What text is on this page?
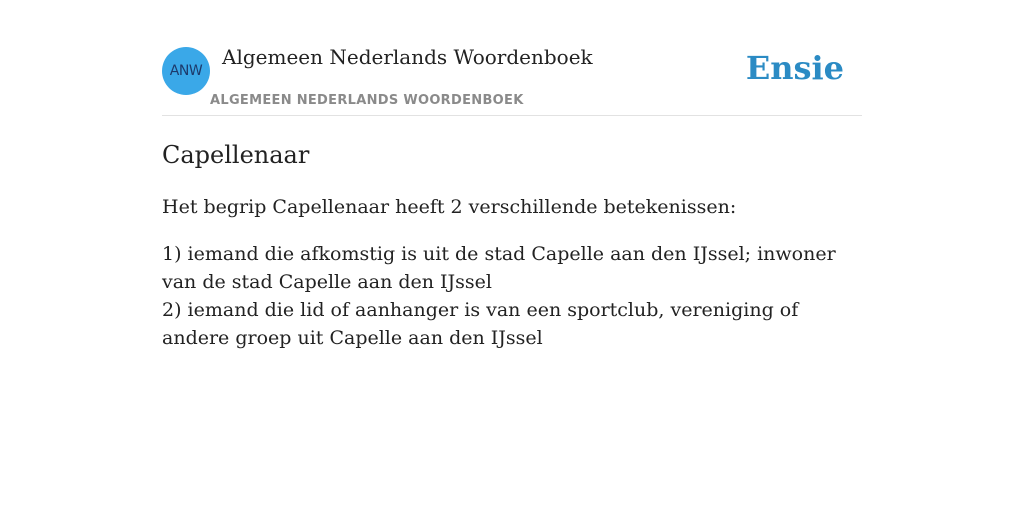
ANW
Algemeen Nederlands Woordenboek
ALGEMEEN NEDERLANDS WOORDENBOEK
Ensie
Capellenaar

Het begrip Capellenaar heeft 2 verschillende betekenissen:

1) iemand die afkomstig is uit de stad Capelle aan den IJssel; inwoner van de stad Capelle aan den IJssel
2) iemand die lid of aanhanger is van een sportclub, vereniging of andere groep uit Capelle aan den IJssel
